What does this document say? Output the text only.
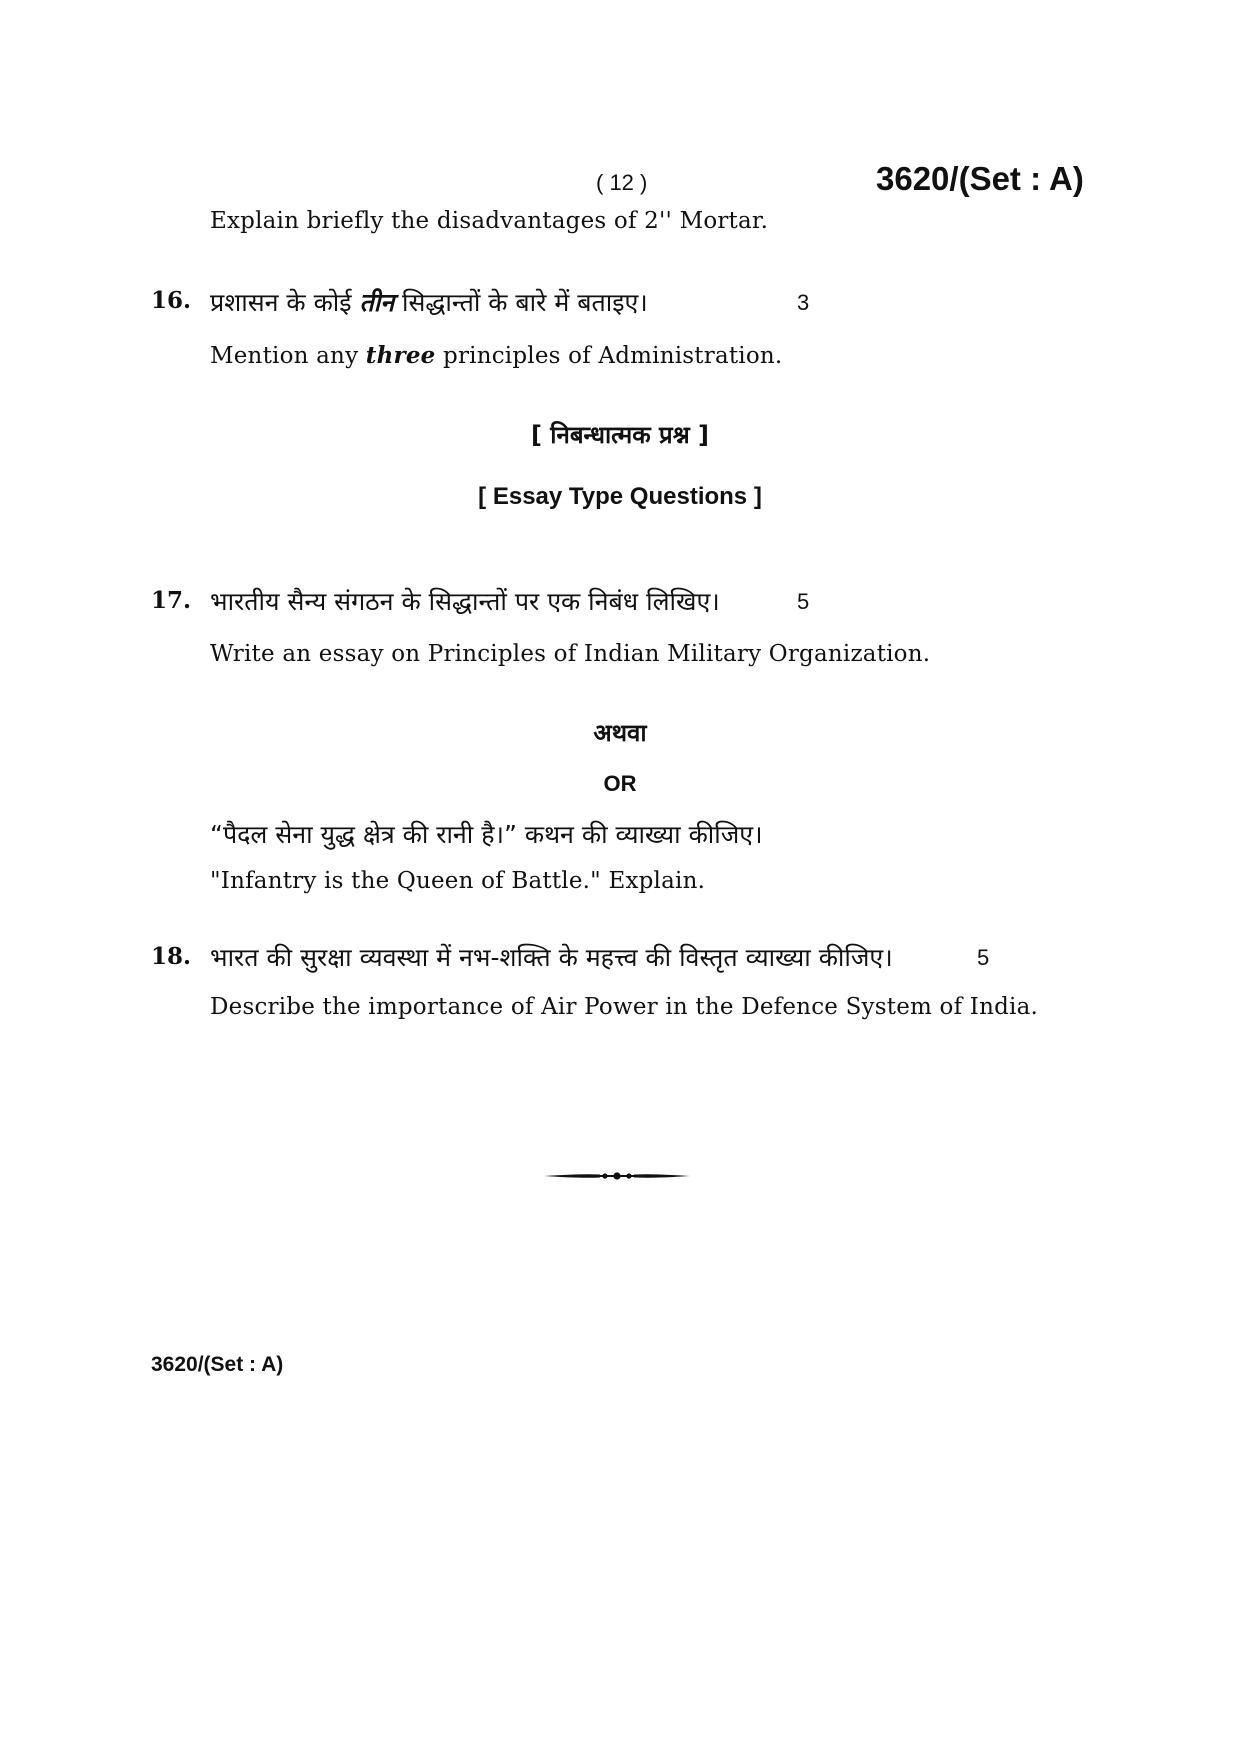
( 12 )	3620/(Set : A)
Explain briefly the disadvantages of 2'' Mortar.
16. प्रशासन के कोई तीन सिद्धान्तों के बारे में बताइए।	3
Mention any three principles of Administration.
[ निबन्धात्मक प्रश्न ]
[ Essay Type Questions ]
17. भारतीय सैन्य संगठन के सिद्धान्तों पर एक निबंध लिखिए।	5
Write an essay on Principles of Indian Military Organization.
अथवा
OR
“पैदल सेना युद्ध क्षेत्र की रानी है।” कथन की व्याख्या कीजिए।
"Infantry is the Queen of Battle." Explain.
18. भारत की सुरक्षा व्यवस्था में नभ-शक्ति के महत्त्व की विस्तृत व्याख्या कीजिए।	5
Describe the importance of Air Power in the Defence System of India.
3620/(Set : A)
